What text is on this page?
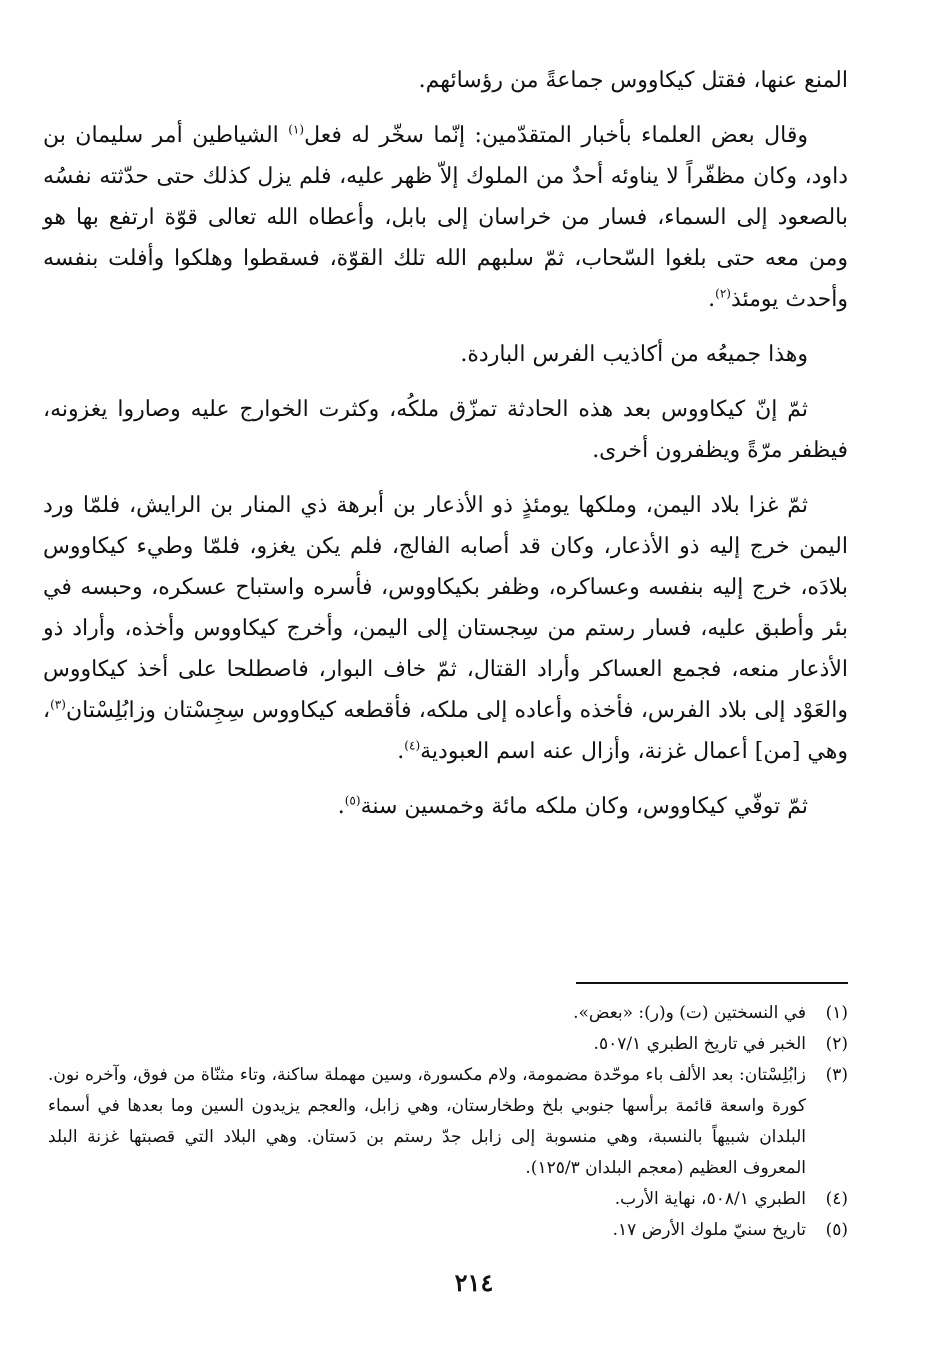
المنع عنها، فقتل كيكاووس جماعةً من رؤسائهم.

وقال بعض العلماء بأخبار المتقدّمين: إنّما سخّر له فعل$^{(١)}$ الشياطين أمر سليمان بن داود، وكان مظفّراً لا يناوئه أحدٌ من الملوك إلاّ ظهر عليه، فلم يزل كذلك حتى حدّثته نفسُه بالصعود إلى السماء، فسار من خراسان إلى بابل، وأعطاه الله تعالى قوّة ارتفع بها هو ومن معه حتى بلغوا السّحاب، ثمّ سلبهم الله تلك القوّة، فسقطوا وهلكوا وأفلت بنفسه وأحدث يومئذ$^{(٢)}$.

وهذا جميعُه من أكاذيب الفرس الباردة.

ثمّ إنّ كيكاووس بعد هذه الحادثة تمزّق ملكُه، وكثرت الخوارج عليه وصاروا يغزونه، فيظفر مرّةً ويظفرون أخرى.

ثمّ غزا بلاد اليمن، وملكها يومئذٍ ذو الأذعار بن أبرهة ذي المنار بن الرايش، فلمّا ورد اليمن خرج إليه ذو الأذعار، وكان قد أصابه الفالج، فلم يكن يغزو، فلمّا وطيء كيكاووس بلادَه، خرج إليه بنفسه وعساكره، وظفر بكيكاووس، فأسره واستباح عسكره، وحبسه في بئر وأطبق عليه، فسار رستم من سِجستان إلى اليمن، وأخرج كيكاووس وأخذه، وأراد ذو الأذعار منعه، فجمع العساكر وأراد القتال، ثمّ خاف البوار، فاصطلحا على أخذ كيكاووس والعَوْد إلى بلاد الفرس، فأخذه وأعاده إلى ملكه، فأقطعه كيكاووس سِجِسْتان وزابُلِسْتان$^{(٣)}$، وهي [من] أعمال غزنة، وأزال عنه اسم العبودية$^{(٤)}$.

ثمّ توفّي كيكاووس، وكان ملكه مائة وخمسين سنة$^{(٥)}$.

(١)
في النسختين (ت) و(ر): «بعض».
(٢)
الخبر في تاريخ الطبري ٥٠٧/١.
(٣)
زابُلِسْتان: بعد الألف باء موحّدة مضمومة، ولام مكسورة، وسين مهملة ساكنة، وتاء مثنّاة من فوق، وآخره نون. كورة واسعة قائمة برأسها جنوبي بلخ وطخارستان، وهي زابل، والعجم يزيدون السين وما بعدها في أسماء البلدان شبيهاً بالنسبة، وهي منسوبة إلى زابل جدّ رستم بن دَستان. وهي البلاد التي قصبتها غزنة البلد المعروف العظيم (معجم البلدان ١٢٥/٣).
(٤)
الطبري ٥٠٨/١، نهاية الأرب.
(٥)
تاريخ سنيّ ملوك الأرض ١٧.
٢١٤
